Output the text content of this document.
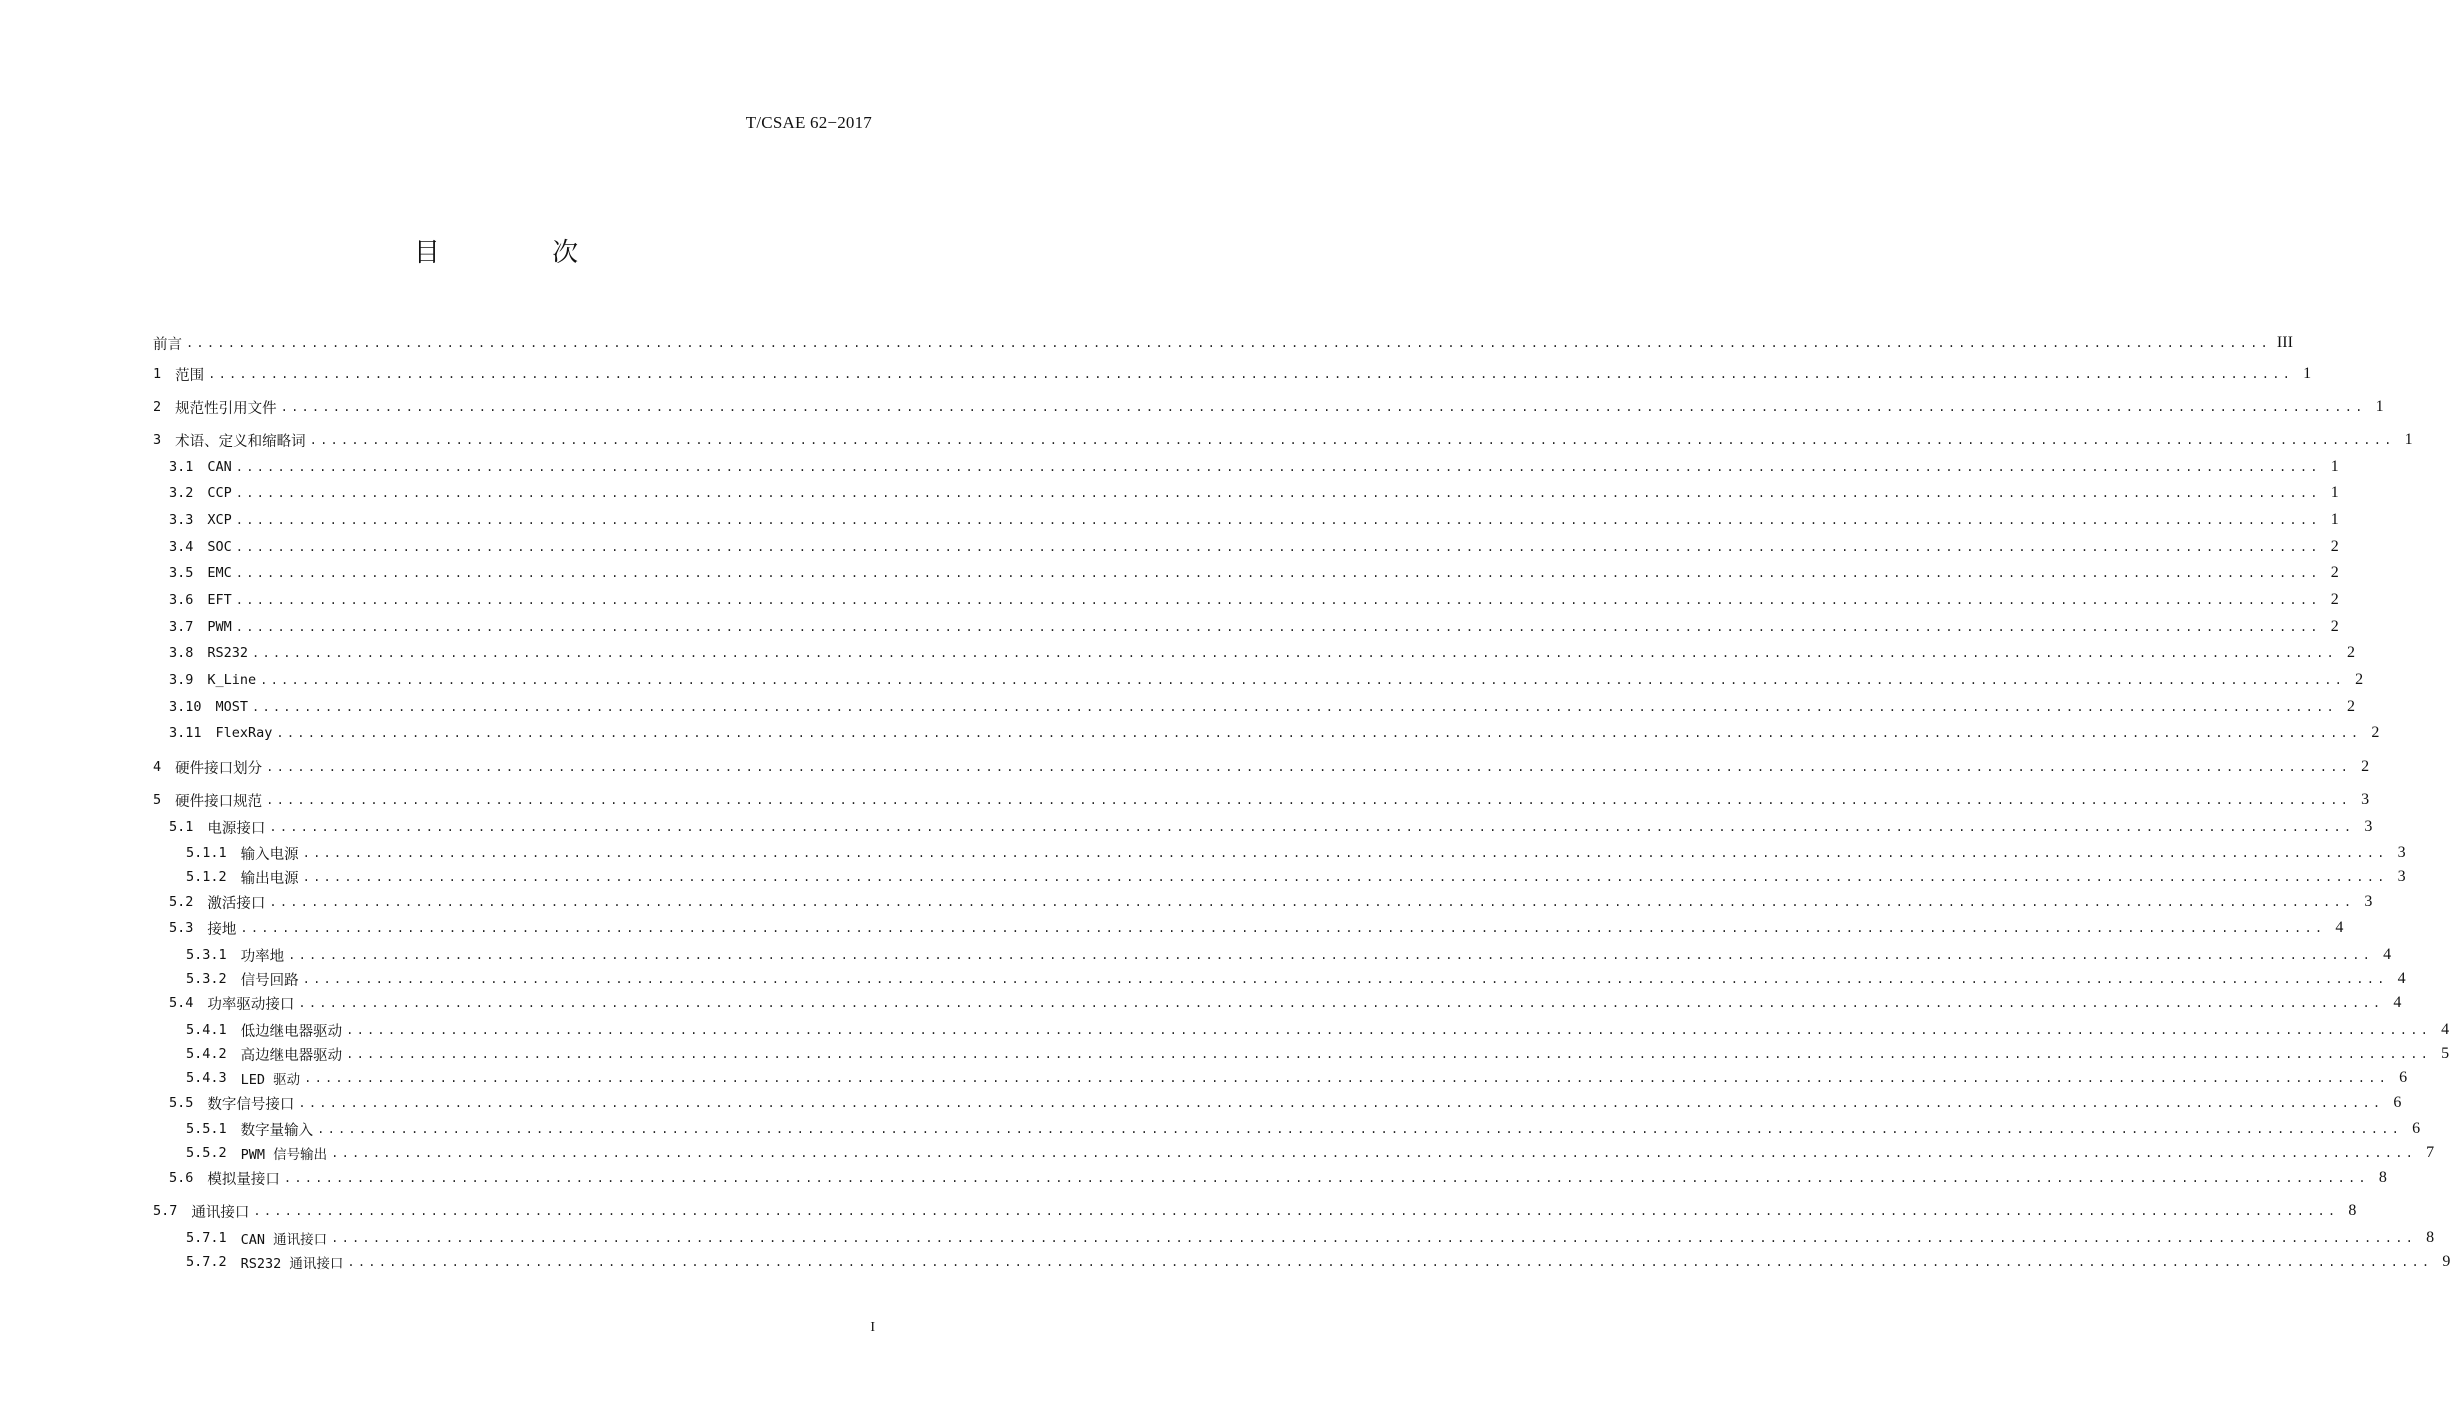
T/CSAE 62−2017
目 次
前言 ........................................................................................................................................................................................................ III
1 范围 ........................................................................................................................................................................................................ 1
2 规范性引用文件 ........................................................................................................................................................................................................ 1
3 术语、定义和缩略词 ........................................................................................................................................................................................................ 1
3.1 CAN ........................................................................................................................................................................................................ 1
3.2 CCP ........................................................................................................................................................................................................ 1
3.3 XCP ........................................................................................................................................................................................................ 1
3.4 SOC ........................................................................................................................................................................................................ 2
3.5 EMC ........................................................................................................................................................................................................ 2
3.6 EFT ........................................................................................................................................................................................................ 2
3.7 PWM ........................................................................................................................................................................................................ 2
3.8 RS232 ........................................................................................................................................................................................................ 2
3.9 K_Line ........................................................................................................................................................................................................ 2
3.10 MOST ........................................................................................................................................................................................................ 2
3.11 FlexRay ........................................................................................................................................................................................................ 2
4 硬件接口划分 ........................................................................................................................................................................................................ 2
5 硬件接口规范 ........................................................................................................................................................................................................ 3
5.1 电源接口 ........................................................................................................................................................................................................ 3
5.1.1 输入电源 ........................................................................................................................................................................................................ 3
5.1.2 输出电源 ........................................................................................................................................................................................................ 3
5.2 激活接口 ........................................................................................................................................................................................................ 3
5.3 接地 ........................................................................................................................................................................................................ 4
5.3.1 功率地 ........................................................................................................................................................................................................ 4
5.3.2 信号回路 ........................................................................................................................................................................................................ 4
5.4 功率驱动接口 ........................................................................................................................................................................................................ 4
5.4.1 低边继电器驱动 ........................................................................................................................................................................................................ 4
5.4.2 高边继电器驱动 ........................................................................................................................................................................................................ 5
5.4.3 LED 驱动 ........................................................................................................................................................................................................ 6
5.5 数字信号接口 ........................................................................................................................................................................................................ 6
5.5.1 数字量输入 ........................................................................................................................................................................................................ 6
5.5.2 PWM 信号输出 ........................................................................................................................................................................................................ 7
5.6 模拟量接口 ........................................................................................................................................................................................................ 8
5.7 通讯接口 ........................................................................................................................................................................................................ 8
5.7.1 CAN 通讯接口 ........................................................................................................................................................................................................ 8
5.7.2 RS232 通讯接口 ........................................................................................................................................................................................................ 9
I
